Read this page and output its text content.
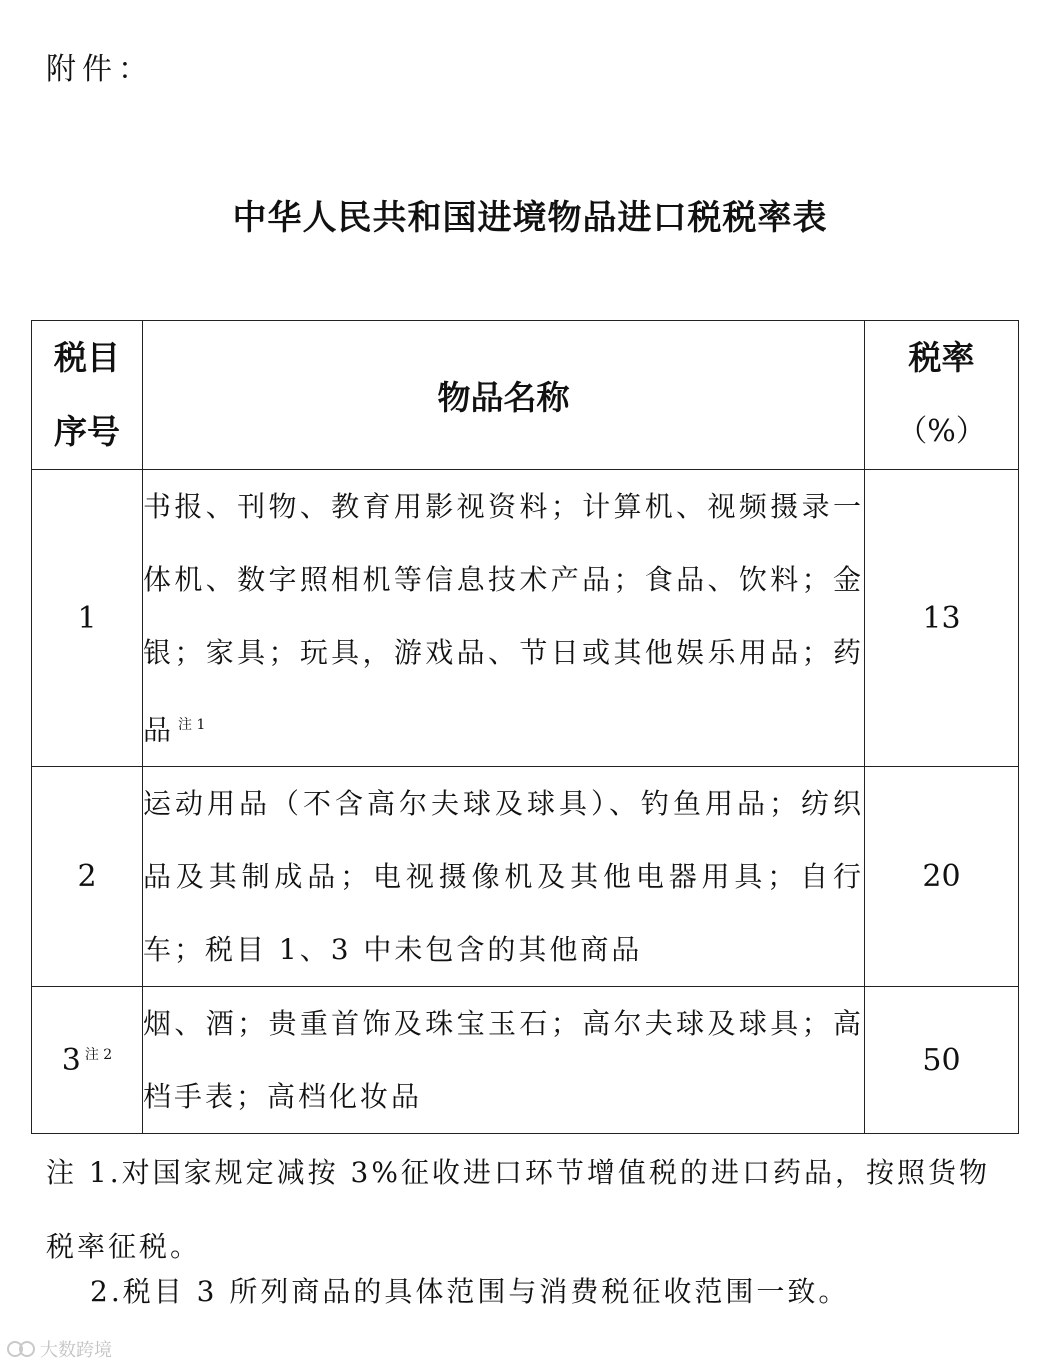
附件：
中华人民共和国进境物品进口税税率表
税目
序号	物品名称	税率
（%）

1	书报、刊物、教育用影视资料；计算机、视频摄录一体机、数字照相机等信息技术产品；食品、饮料；金银；家具；玩具，游戏品、节日或其他娱乐用品；药品 $^{注 1}$	13
2	运动用品（不含高尔夫球及球具）、钓鱼用品；纺织品及其制成品；电视摄像机及其他电器用具；自行车；税目 1、3 中未包含的其他商品	20
3 $^{注 2}$	烟、酒；贵重首饰及珠宝玉石；高尔夫球及球具；高档手表；高档化妆品	50
注 1.对国家规定减按 3%征收进口环节增值税的进口药品，按照货物税率征税。
2.税目 3 所列商品的具体范围与消费税征收范围一致。
大数跨境
